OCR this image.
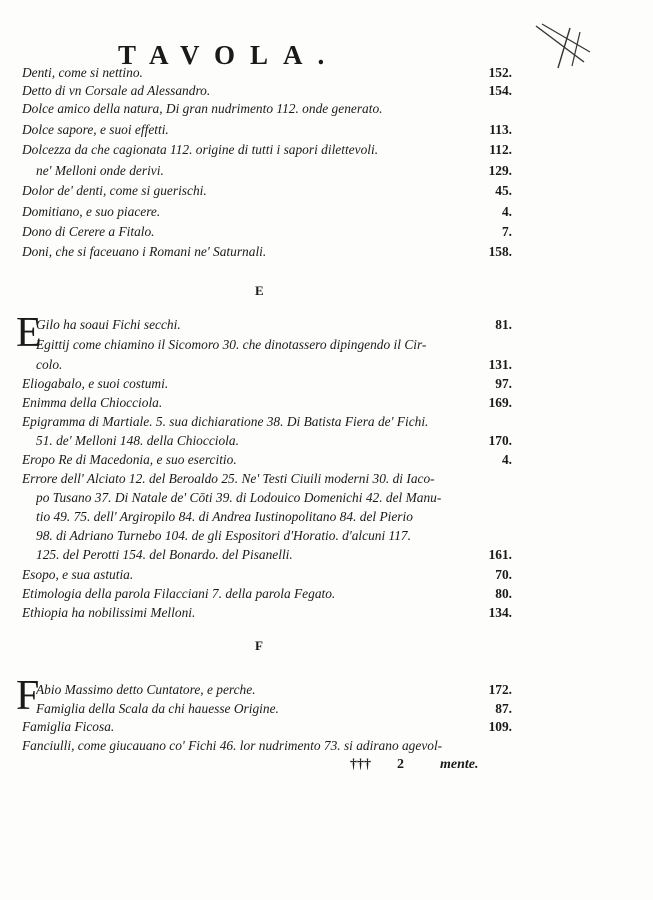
TAVOLA.
Denti, come si nettino.	152.
Detto di vn Corsale ad Alessandro.	154.
Dolce amico della natura, Di gran nudrimento 112. onde generato.
Dolce sapore, e suoi effetti.	113.
Dolcezza da che cagionata 112. origine di tutti i sapori dilettevoli.	112.
ne' Melloni onde derivi.	129.
Dolor de' denti, come si guerischi.	45.
Domitiano, e suo piacere.	4.
Dono di Cerere a Fitalo.	7.
Doni, che si faceuano i Romani ne' Saturnali.	158.
E
E
Gilo ha soaui Fichi secchi.	81.
Egittij come chiamino il Sicomoro 30. che dinotassero dipingendo il Cir-
colo.	131.
Eliogabalo, e suoi costumi.	97.
Enimma della Chiocciola.	169.
Epigramma di Martiale. 5. sua dichiaratione 38. Di Batista Fiera de' Fichi.
51. de' Melloni 148. della Chiocciola.	170.
Eropo Re di Macedonia, e suo esercitio.	4.
Errore dell' Alciato 12. del Beroaldo 25. Ne' Testi Ciuili moderni 30. di Iaco-
po Tusano 37. Di Natale de' Cōti 39. di Lodouico Domenichi 42. del Manu-
tio 49. 75. dell' Argiropilo 84. di Andrea Iustinopolitano 84. del Pierio
98. di Adriano Turnebo 104. de gli Espositori d'Horatio. d'alcuni 117.
125. del Perotti 154. del Bonardo. del Pisanelli.	161.
Esopo, e sua astutia.	70.
Etimologia della parola Filacciani 7. della parola Fegato.	80.
Ethiopia ha nobilissimi Melloni.	134.
F
F
Abio Massimo detto Cuntatore, e perche.	172.
Famiglia della Scala da chi hauesse Origine.	87.
Famiglia Ficosa.	109.
Fanciulli, come giucauano co' Fichi 46. lor nudrimento 73. si adirano agevol-
††† 2	mente.
